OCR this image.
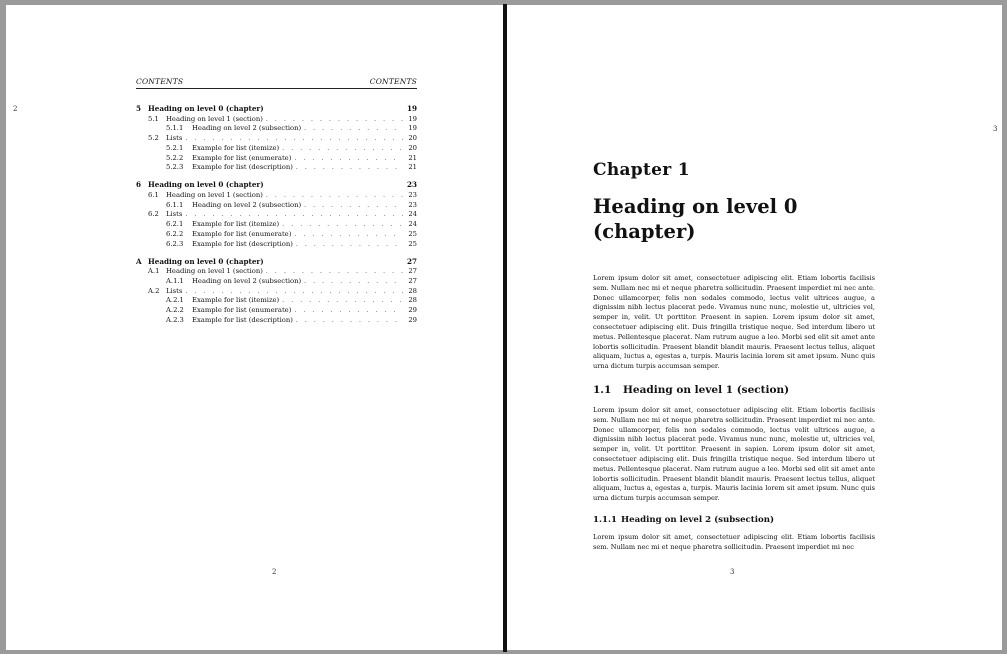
2
CONTENTS	CONTENTS
5 Heading on level 0 (chapter)	19
5.1	Heading on level 1 (section) . . .	19
5.1.1	Heading on level 2 (subsection) . . .	19
5.2	Lists . . .	20
5.2.1	Example for list (itemize) . . .	20
5.2.2	Example for list (enumerate) . . .	21
5.2.3	Example for list (description) . . .	21
6 Heading on level 0 (chapter)	23
6.1	Heading on level 1 (section) . . .	23
6.1.1	Heading on level 2 (subsection) . . .	23
6.2	Lists . . .	24
6.2.1	Example for list (itemize) . . .	24
6.2.2	Example for list (enumerate) . . .	25
6.2.3	Example for list (description) . . .	25
A Heading on level 0 (chapter)	27
A.1 Heading on level 1 (section) . . .	27
A.1.1	Heading on level 2 (subsection) . . .	27
A.2 Lists . . .	28
A.2.1	Example for list (itemize) . . .	28
A.2.2	Example for list (enumerate) . . .	29
A.2.3	Example for list (description) . . .	29
2
3
Chapter 1
Heading on level 0 (chapter)

Lorem ipsum dolor sit amet, consectetuer adipiscing elit. Etiam lobortis facilisis sem. Nullam nec mi et neque pharetra sollicitudin. Praesent imperdiet mi nec ante. Donec ullamcorper, felis non sodales commodo, lectus velit ultrices augue, a dignissim nibh lectus placerat pede. Vivamus nunc nunc, molestie ut, ultricies vel, semper in, velit. Ut porttitor. Praesent in sapien. Lorem ipsum dolor sit amet, consectetuer adipiscing elit. Duis fringilla tristique neque. Sed interdum libero ut metus. Pellentesque placerat. Nam rutrum augue a leo. Morbi sed elit sit amet ante lobortis sollicitudin. Praesent blandit blandit mauris. Praesent lectus tellus, aliquet aliquam, luctus a, egestas a, turpis. Mauris lacinia lorem sit amet ipsum. Nunc quis urna dictum turpis accumsan semper.

1.1 Heading on level 1 (section)

Lorem ipsum dolor sit amet, consectetuer adipiscing elit. Etiam lobortis facilisis sem. Nullam nec mi et neque pharetra sollicitudin. Praesent imperdiet mi nec ante. Donec ullamcorper, felis non sodales commodo, lectus velit ultrices augue, a dignissim nibh lectus placerat pede. Vivamus nunc nunc, molestie ut, ultricies vel, semper in, velit. Ut porttitor. Praesent in sapien. Lorem ipsum dolor sit amet, consectetuer adipiscing elit. Duis fringilla tristique neque. Sed interdum libero ut metus. Pellentesque placerat. Nam rutrum augue a leo. Morbi sed elit sit amet ante lobortis sollicitudin. Praesent blandit blandit mauris. Praesent lectus tellus, aliquet aliquam, luctus a, egestas a, turpis. Mauris lacinia lorem sit amet ipsum. Nunc quis urna dictum turpis accumsan semper.

1.1.1 Heading on level 2 (subsection)

Lorem ipsum dolor sit amet, consectetuer adipiscing elit. Etiam lobortis facilisis sem. Nullam nec mi et neque pharetra sollicitudin. Praesent imperdiet mi nec

3
